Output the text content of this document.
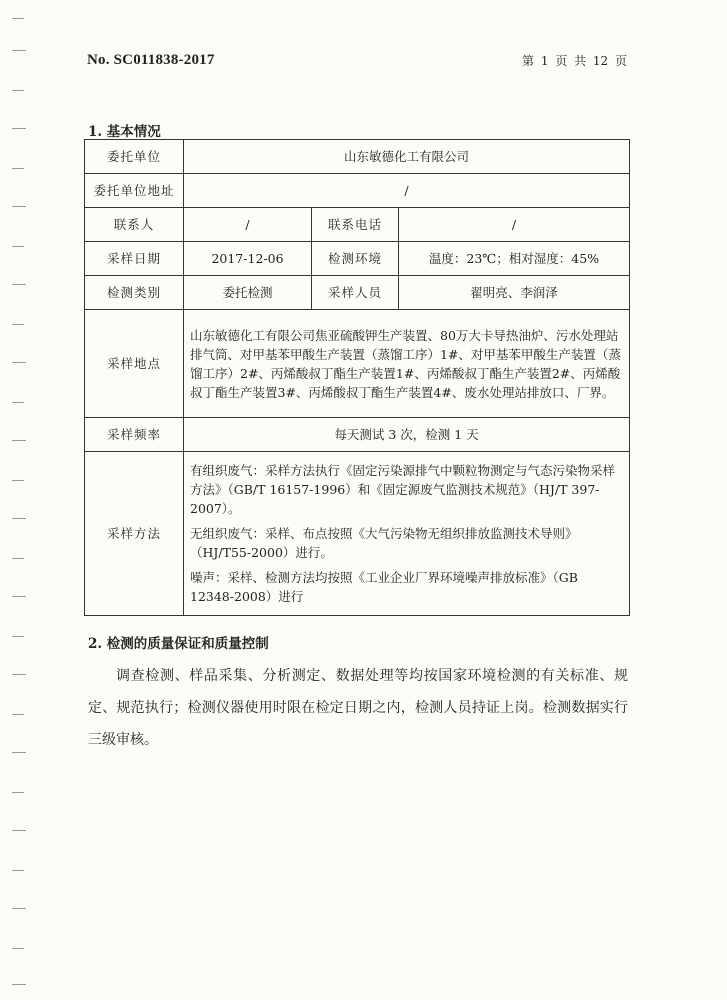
No. SC011838-2017	第 1 页 共 12 页
1. 基本情况
委托单位	山东敏德化工有限公司		
委托单位地址	/		
联系人	/	联系电话	/
采样日期	2017-12-06	检测环境	温度：23℃；相对湿度：45%
检测类别	委托检测	采样人员	翟明亮、李润泽
采样地点	山东敏德化工有限公司焦亚硫酸钾生产装置、80万大卡导热油炉、污水处理站排气筒、对甲基苯甲酸生产装置（蒸馏工序）1#、对甲基苯甲酸生产装置（蒸馏工序）2#、丙烯酸叔丁酯生产装置1#、丙烯酸叔丁酯生产装置2#、丙烯酸叔丁酯生产装置3#、丙烯酸叔丁酯生产装置4#、废水处理站排放口、厂界。		
采样频率	每天测试 3 次，检测 1 天		
采样方法	有组织废气：采样方法执行《固定污染源排气中颗粒物测定与气态污染物采样方法》（GB/T 16157-1996）和《固定源废气监测技术规范》（HJ/T 397-2007）。

无组织废气：采样、布点按照《大气污染物无组织排放监测技术导则》（HJ/T55-2000）进行。

噪声：采样、检测方法均按照《工业企业厂界环境噪声排放标准》（GB 12348-2008）进行		

2. 检测的质量保证和质量控制
调查检测、样品采集、分析测定、数据处理等均按国家环境检测的有关标准、规定、规范执行；检测仪器使用时限在检定日期之内，检测人员持证上岗。检测数据实行三级审核。
